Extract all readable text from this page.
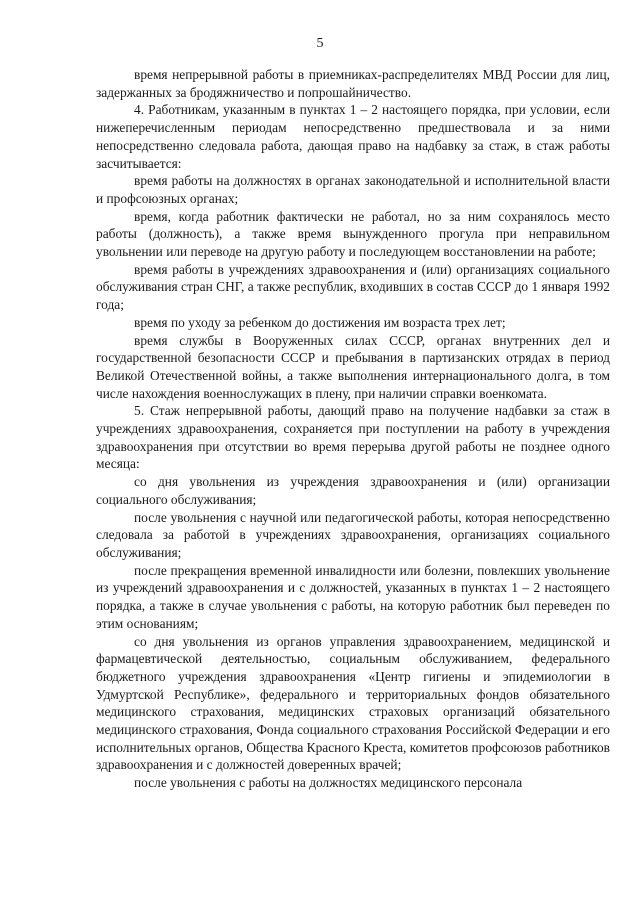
5

время непрерывной работы в приемниках-распределителях МВД России для лиц, задержанных за бродяжничество и попрошайничество.

4. Работникам, указанным в пунктах 1 – 2 настоящего порядка, при условии, если нижеперечисленным периодам непосредственно предшествовала и за ними непосредственно следовала работа, дающая право на надбавку за стаж, в стаж работы засчитывается:

время работы на должностях в органах законодательной и исполнительной власти и профсоюзных органах;

время, когда работник фактически не работал, но за ним сохранялось место работы (должность), а также время вынужденного прогула при неправильном увольнении или переводе на другую работу и последующем восстановлении на работе;

время работы в учреждениях здравоохранения и (или) организациях социального обслуживания стран СНГ, а также республик, входивших в состав СССР до 1 января 1992 года;

время по уходу за ребенком до достижения им возраста трех лет;

время службы в Вооруженных силах СССР, органах внутренних дел и государственной безопасности СССР и пребывания в партизанских отрядах в период Великой Отечественной войны, а также выполнения интернационального долга, в том числе нахождения военнослужащих в плену, при наличии справки военкомата.

5. Стаж непрерывной работы, дающий право на получение надбавки за стаж в учреждениях здравоохранения, сохраняется при поступлении на работу в учреждения здравоохранения при отсутствии во время перерыва другой работы не позднее одного месяца:

со дня увольнения из учреждения здравоохранения и (или) организации социального обслуживания;

после увольнения с научной или педагогической работы, которая непосредственно следовала за работой в учреждениях здравоохранения, организациях социального обслуживания;

после прекращения временной инвалидности или болезни, повлекших увольнение из учреждений здравоохранения и с должностей, указанных в пунктах 1 – 2 настоящего порядка, а также в случае увольнения с работы, на которую работник был переведен по этим основаниям;

со дня увольнения из органов управления здравоохранением, медицинской и фармацевтической деятельностью, социальным обслуживанием, федерального бюджетного учреждения здравоохранения «Центр гигиены и эпидемиологии в Удмуртской Республике», федерального и территориальных фондов обязательного медицинского страхования, медицинских страховых организаций обязательного медицинского страхования, Фонда социального страхования Российской Федерации и его исполнительных органов, Общества Красного Креста, комитетов профсоюзов работников здравоохранения и с должностей доверенных врачей;

после увольнения с работы на должностях медицинского персонала
